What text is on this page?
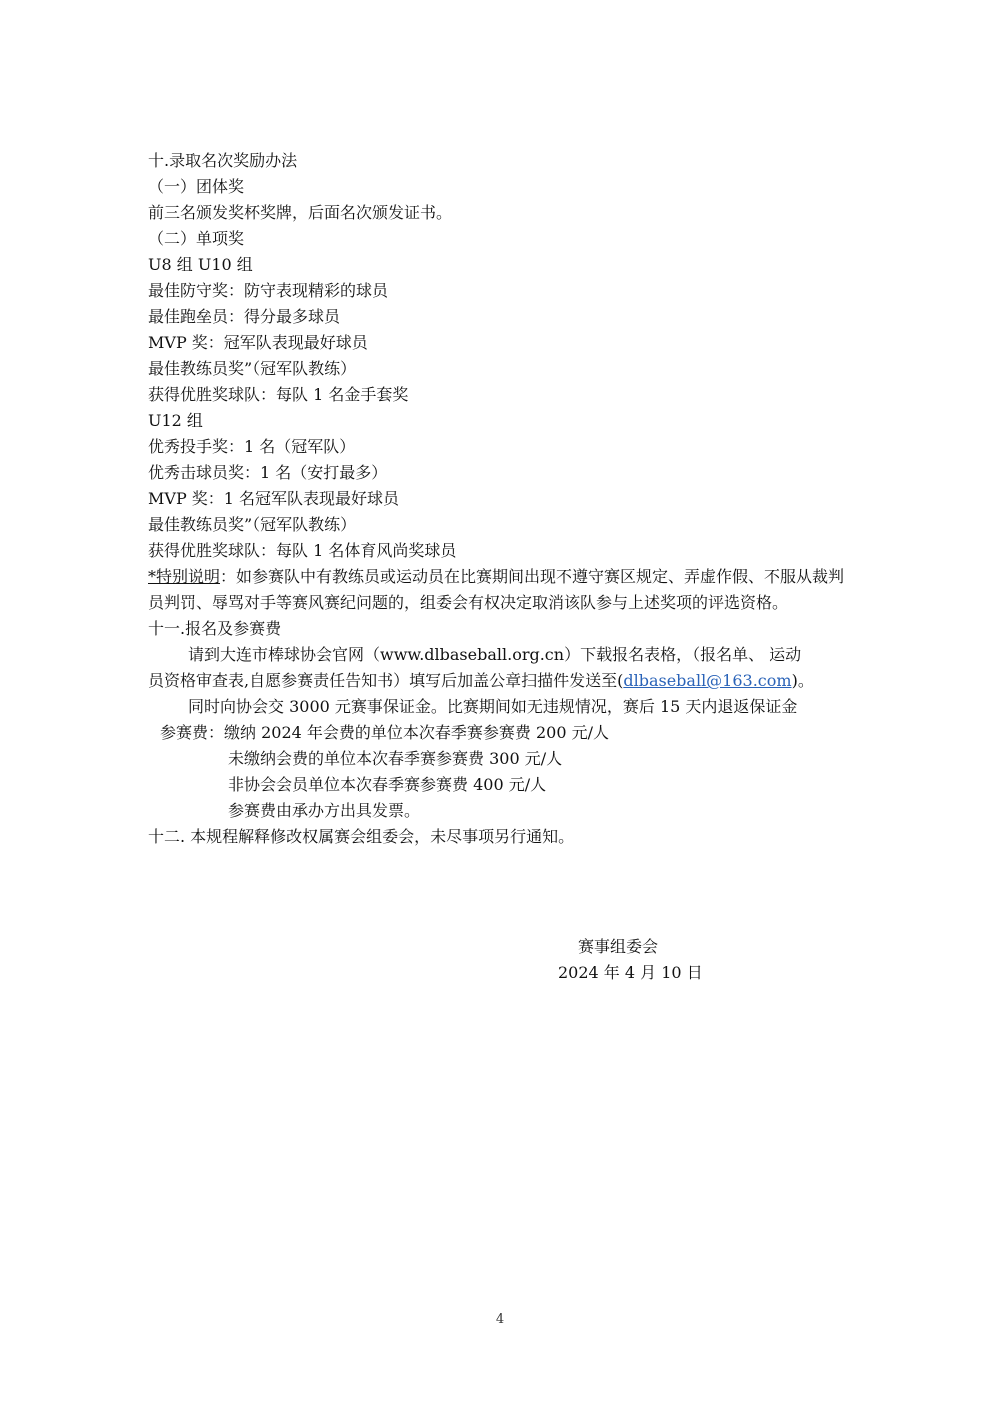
十.录取名次奖励办法
（一）团体奖
前三名颁发奖杯奖牌，后面名次颁发证书。
（二）单项奖
U8 组 U10 组
最佳防守奖：防守表现精彩的球员
最佳跑垒员：得分最多球员
MVP 奖：冠军队表现最好球员
最佳教练员奖”（冠军队教练）
获得优胜奖球队：每队 1 名金手套奖
U12 组
优秀投手奖：1 名（冠军队）
优秀击球员奖：1 名（安打最多）
MVP 奖：1 名冠军队表现最好球员
最佳教练员奖”（冠军队教练）
获得优胜奖球队：每队 1 名体育风尚奖球员
*特别说明：如参赛队中有教练员或运动员在比赛期间出现不遵守赛区规定、弄虚作假、不服从裁判员判罚、辱骂对手等赛风赛纪问题的，组委会有权决定取消该队参与上述奖项的评选资格。
十一.报名及参赛费
请到大连市棒球协会官网（www.dlbaseball.org.cn）下载报名表格，（报名单、 运动
员资格审查表,自愿参赛责任告知书）填写后加盖公章扫描件发送至(dlbaseball@163.com)。
同时向协会交 3000 元赛事保证金。比赛期间如无违规情况，赛后 15 天内退返保证金
参赛费：缴纳 2024 年会费的单位本次春季赛参赛费 200 元/人
未缴纳会费的单位本次春季赛参赛费 300 元/人
非协会会员单位本次春季赛参赛费 400 元/人
参赛费由承办方出具发票。
十二. 本规程解释修改权属赛会组委会，未尽事项另行通知。
赛事组委会
2024 年 4 月 10 日
4
